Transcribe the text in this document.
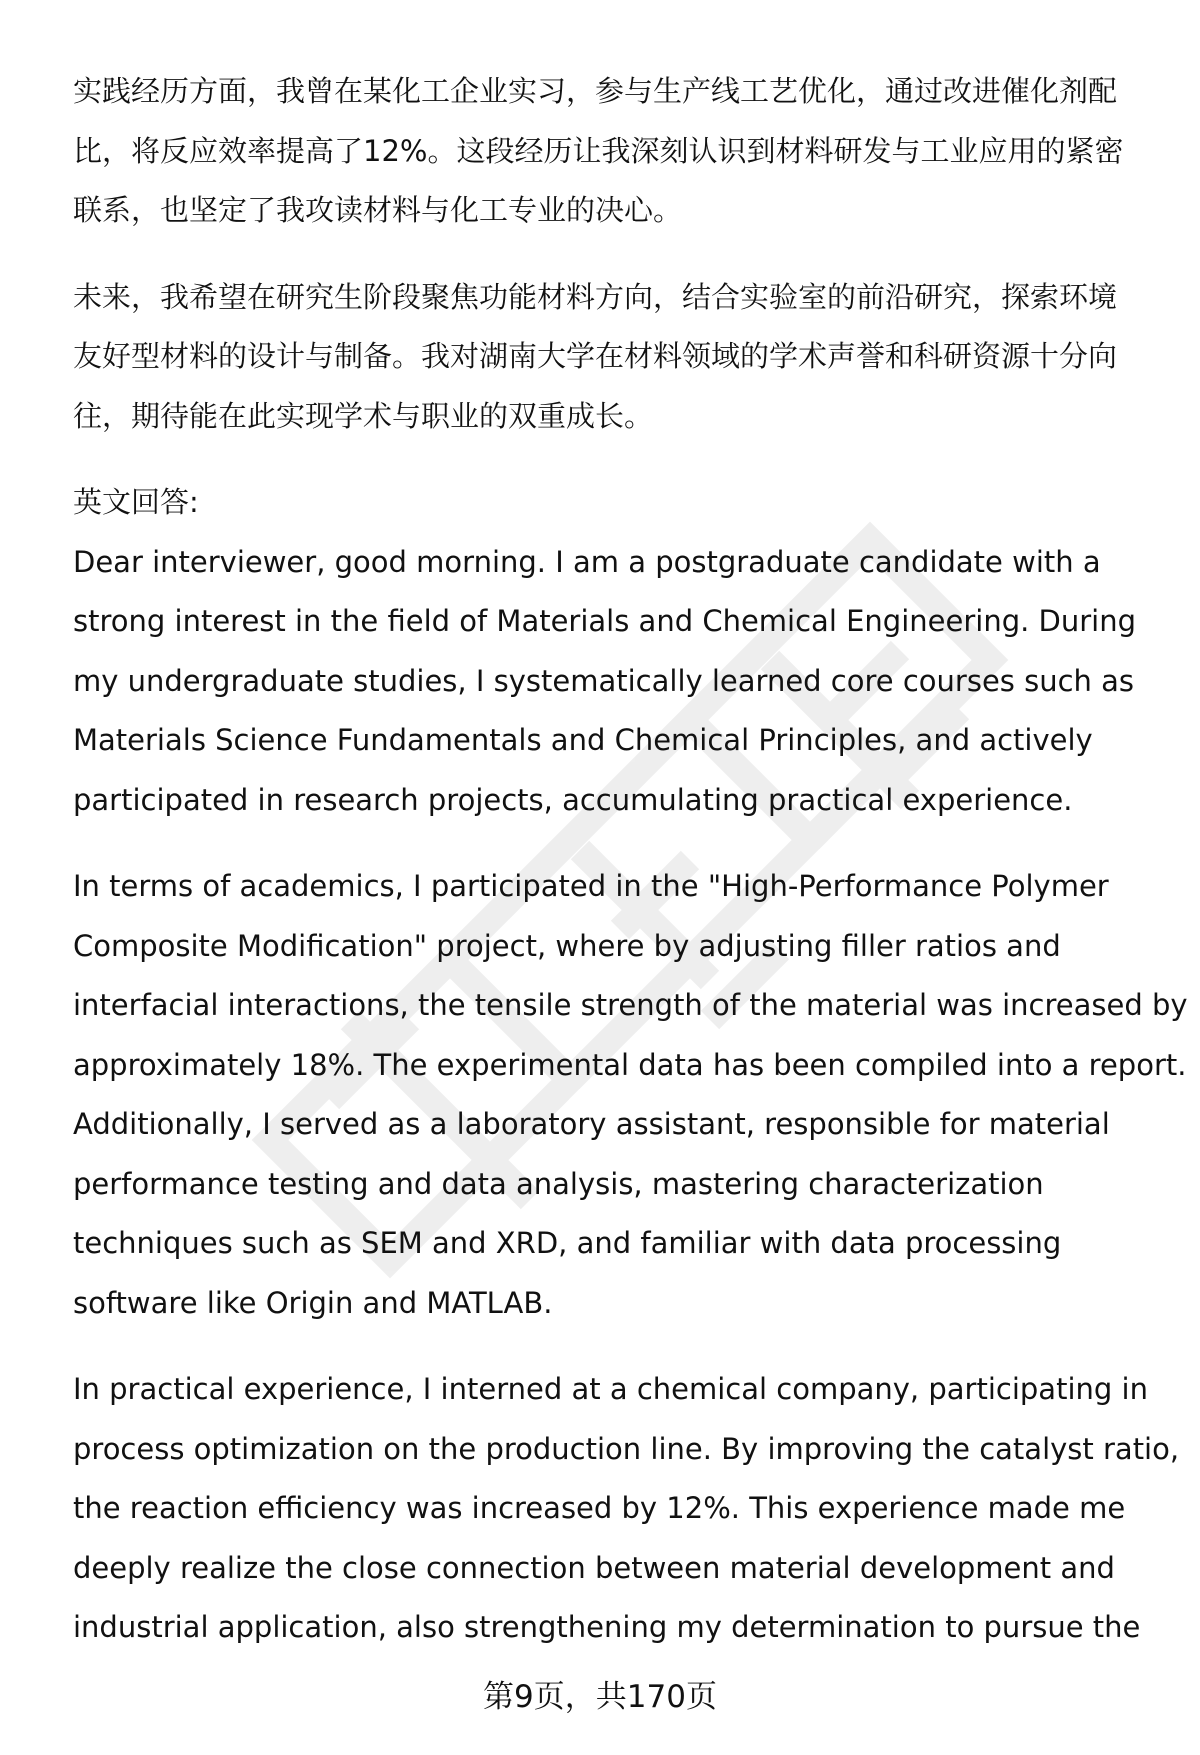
实践经历方面，我曾在某化工企业实习，参与生产线工艺优化，通过改进催化剂配
比，将反应效率提高了12%。这段经历让我深刻认识到材料研发与工业应用的紧密
联系，也坚定了我攻读材料与化工专业的决心。
未来，我希望在研究生阶段聚焦功能材料方向，结合实验室的前沿研究，探索环境
友好型材料的设计与制备。我对湖南大学在材料领域的学术声誉和科研资源十分向
往，期待能在此实现学术与职业的双重成长。
英文回答:
Dear interviewer, good morning. I am a postgraduate candidate with a
strong interest in the field of Materials and Chemical Engineering. During
my undergraduate studies, I systematically learned core courses such as
Materials Science Fundamentals and Chemical Principles, and actively
participated in research projects, accumulating practical experience.
In terms of academics, I participated in the "High-Performance Polymer
Composite Modification" project, where by adjusting filler ratios and
interfacial interactions, the tensile strength of the material was increased by
approximately 18%. The experimental data has been compiled into a report.
Additionally, I served as a laboratory assistant, responsible for material
performance testing and data analysis, mastering characterization
techniques such as SEM and XRD, and familiar with data processing
software like Origin and MATLAB.
In practical experience, I interned at a chemical company, participating in
process optimization on the production line. By improving the catalyst ratio,
the reaction efficiency was increased by 12%. This experience made me
deeply realize the close connection between material development and
industrial application, also strengthening my determination to pursue the
第9页，共170页
